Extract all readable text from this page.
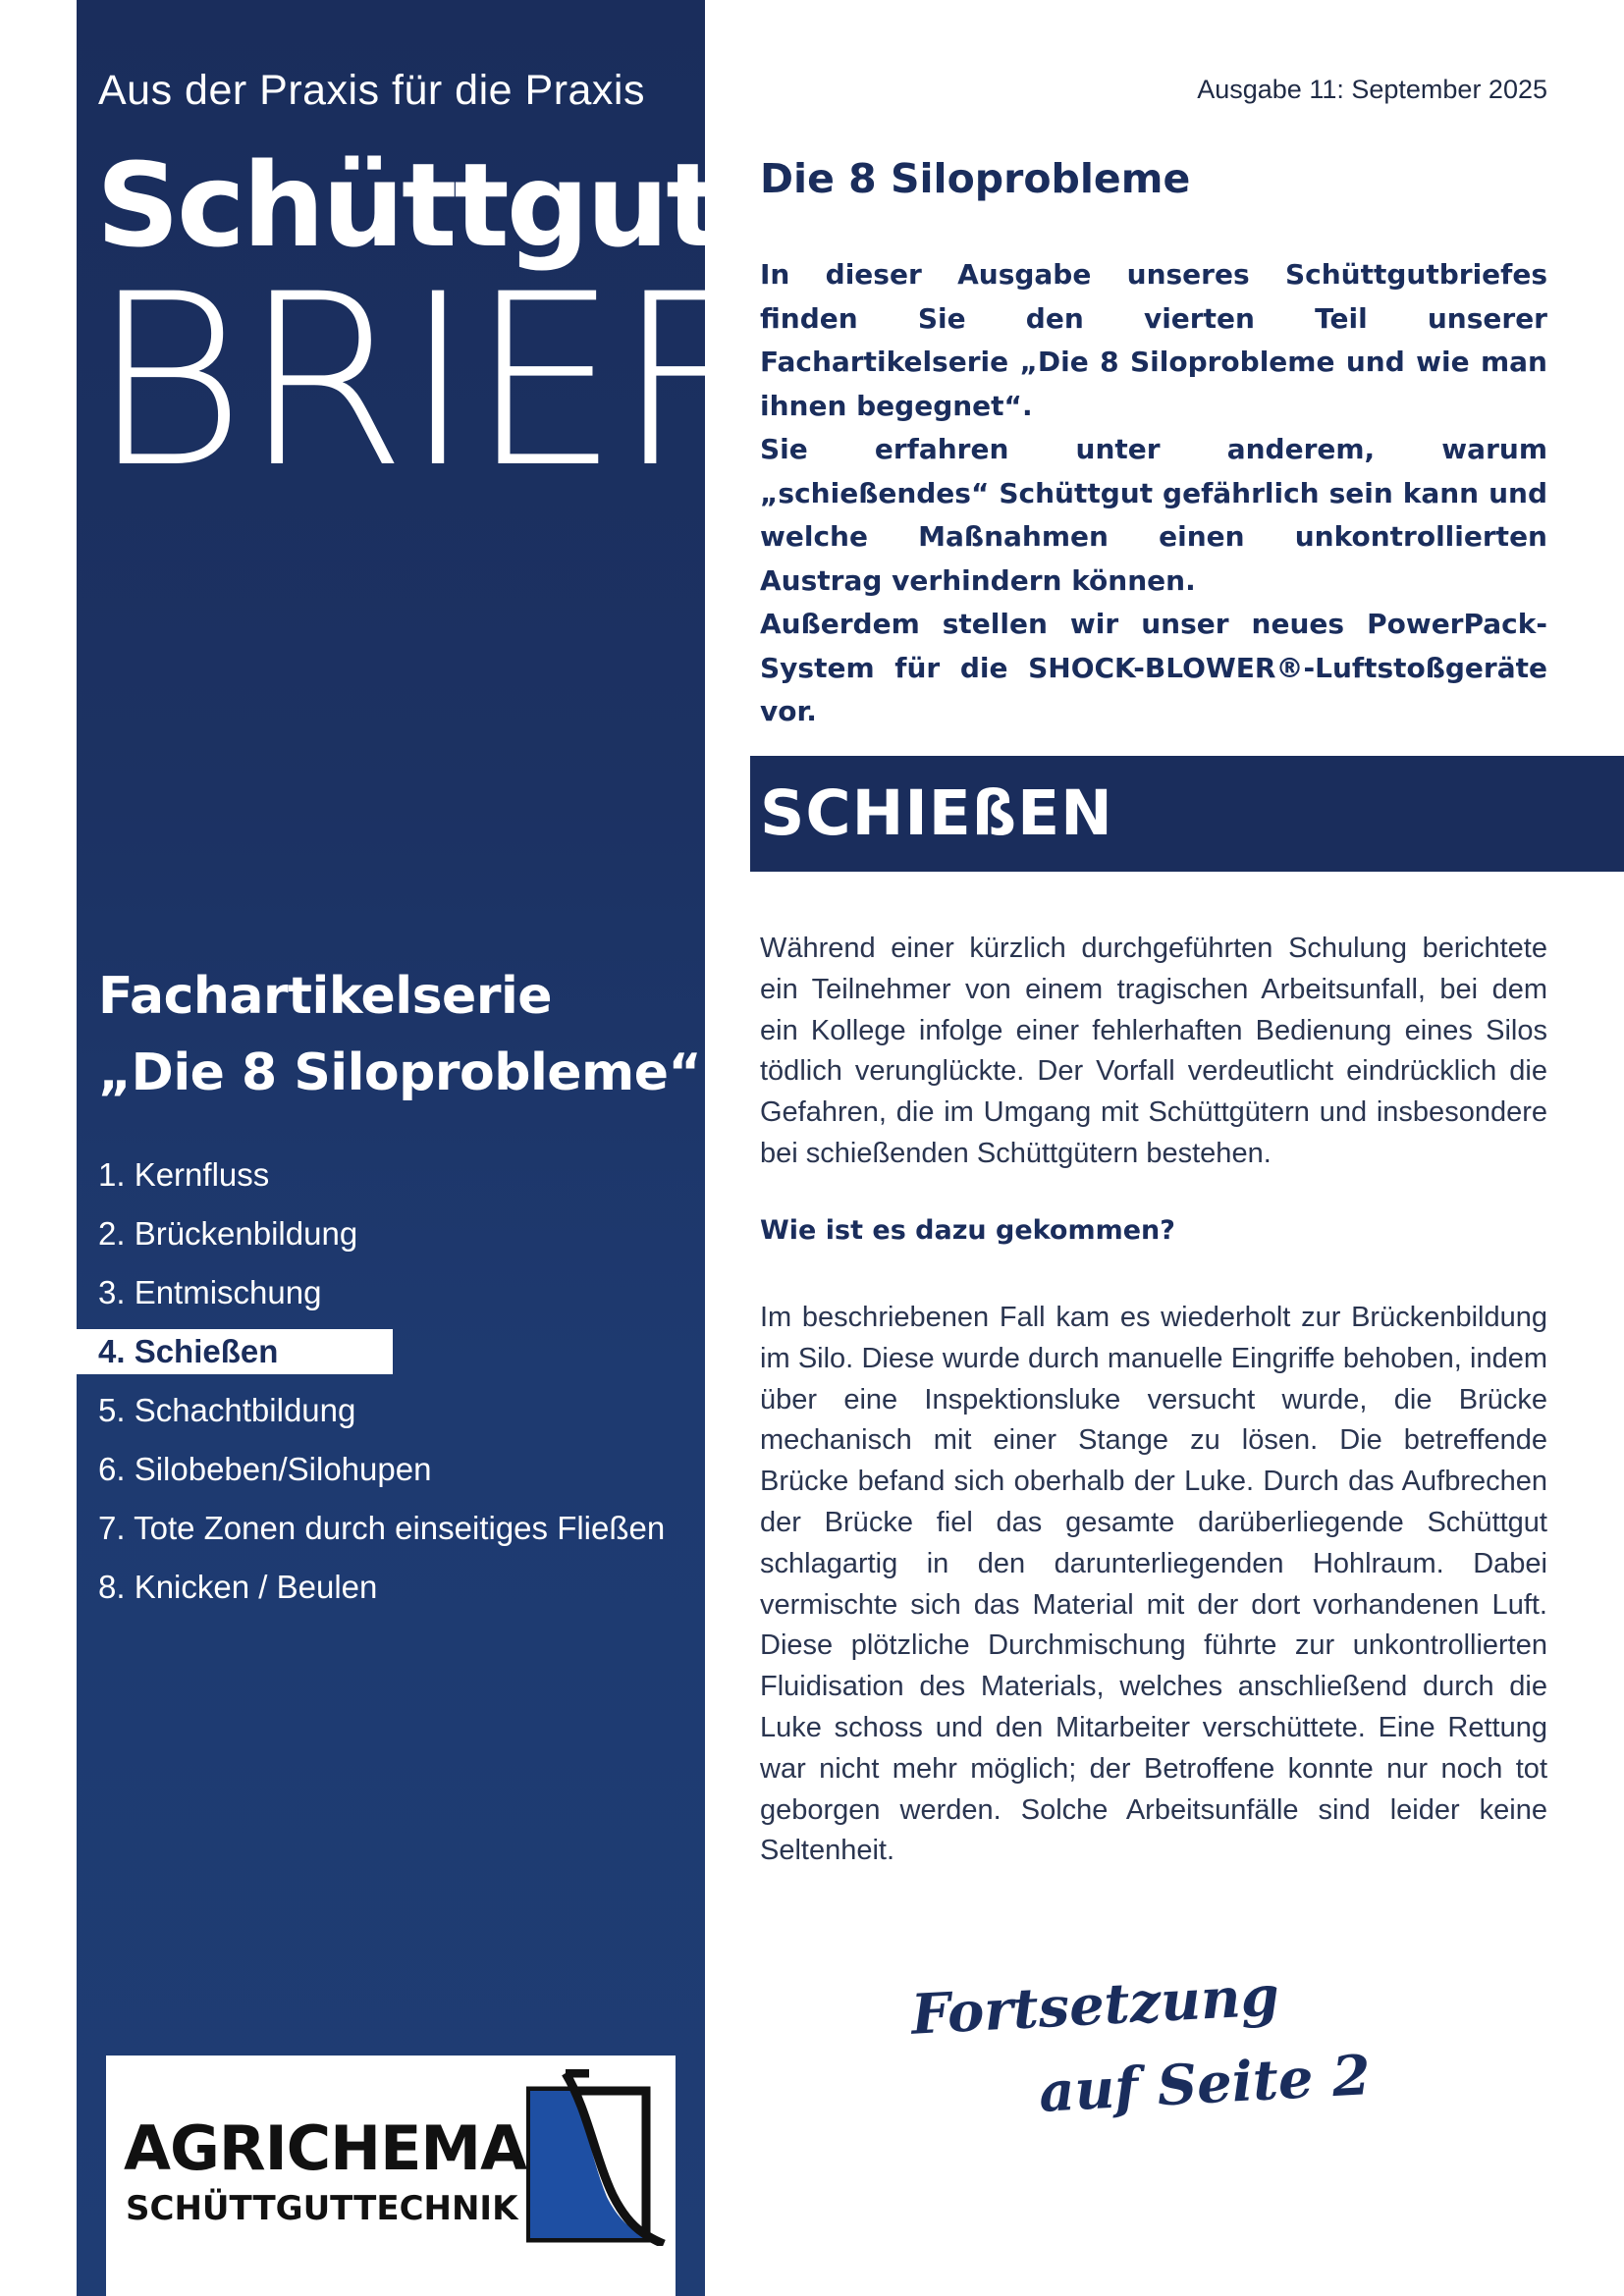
Aus der Praxis für die Praxis
Schüttgut
BRIEF
Fachartikelserie
„Die 8 Siloprobleme“
1. Kernfluss
2. Brückenbildung
3. Entmischung
4. Schießen
5. Schachtbildung
6. Silobeben/Silohupen
7. Tote Zonen durch einseitiges Fließen
8. Knicken / Beulen
AGRICHEMA
SCHÜTTGUTTECHNIK
Ausgabe 11: September 2025
Die 8 Siloprobleme
In dieser Ausgabe unseres Schüttgutbriefes finden Sie den vierten Teil unserer Fachartikelserie „Die 8 Siloprobleme und wie man ihnen begegnet“.
Sie erfahren unter anderem, warum „schießendes“ Schüttgut gefährlich sein kann und welche Maßnahmen einen unkontrollierten Austrag verhindern können.
Außerdem stellen wir unser neues PowerPack-System für die SHOCK-BLOWER®-Luftstoßgeräte vor.
SCHIEßEN
Während einer kürzlich durchgeführten Schulung berichtete ein Teilnehmer von einem tragischen Arbeitsunfall, bei dem ein Kollege infolge einer fehlerhaften Bedienung eines Silos tödlich verunglückte. Der Vorfall verdeutlicht eindrücklich die Gefahren, die im Umgang mit Schüttgütern und insbesondere bei schießenden Schüttgütern bestehen.
Wie ist es dazu gekommen?
Im beschriebenen Fall kam es wiederholt zur Brückenbildung im Silo. Diese wurde durch manuelle Eingriffe behoben, indem über eine Inspektionsluke versucht wurde, die Brücke mechanisch mit einer Stange zu lösen. Die betreffende Brücke befand sich oberhalb der Luke. Durch das Aufbrechen der Brücke fiel das gesamte darüberliegende Schüttgut schlagartig in den darunterliegenden Hohlraum. Dabei vermischte sich das Material mit der dort vorhandenen Luft. Diese plötzliche Durchmischung führte zur unkontrollierten Fluidisation des Materials, welches anschließend durch die Luke schoss und den Mitarbeiter verschüttete. Eine Rettung war nicht mehr möglich; der Betroffene konnte nur noch tot geborgen werden. Solche Arbeitsunfälle sind leider keine Seltenheit.
Fortsetzung
auf Seite 2
